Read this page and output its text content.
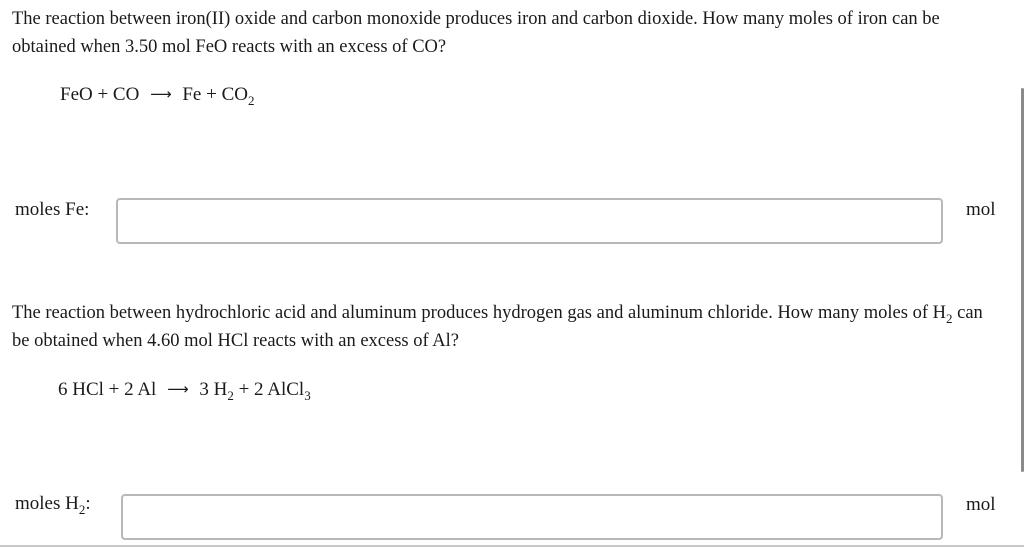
The reaction between iron(II) oxide and carbon monoxide produces iron and carbon dioxide. How many moles of iron can be obtained when 3.50 mol FeO reacts with an excess of CO?
FeO + CO ⟶ $Fe + CO_2$
moles Fe:	mol
The reaction between hydrochloric acid and aluminum produces hydrogen gas and aluminum chloride. How many moles of $H_2$ can be obtained when 4.60 mol HCl reacts with an excess of Al?
6 HCl + 2 Al ⟶ 3 $H_2 + 2$ AlCl$_3$
moles $H_2$:	mol
